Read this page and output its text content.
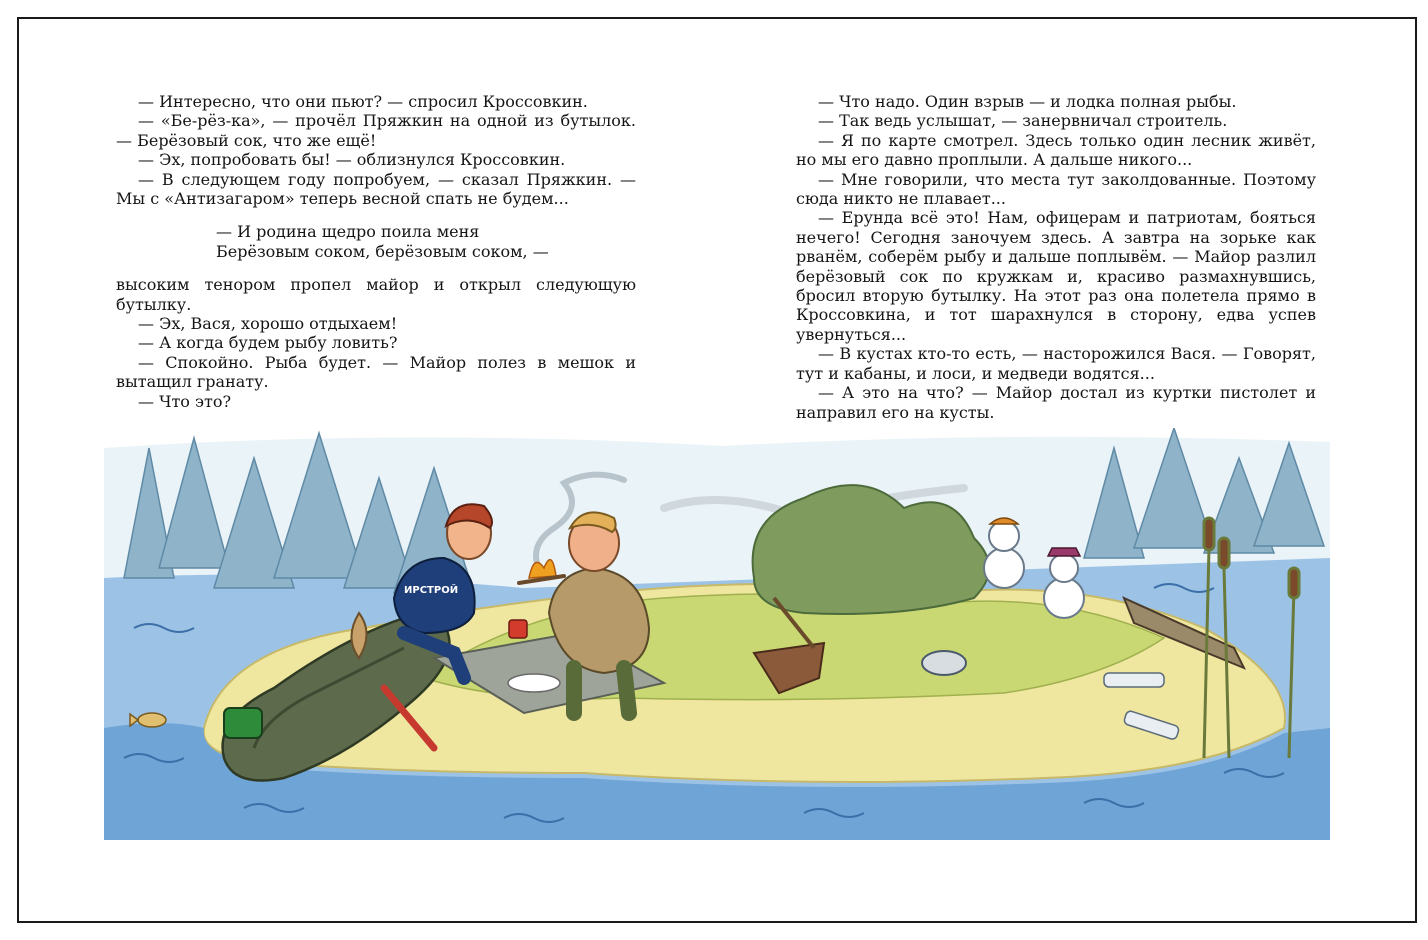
— Интересно, что они пьют? — спросил Кроссовкин.

— «Бе-рёз-ка», — прочёл Пряжкин на одной из бутылок. — Берёзовый сок, что же ещё!

— Эх, попробовать бы! — облизнулся Кроссовкин.

— В следующем году попробуем, — сказал Пряжкин. — Мы с «Антизагаром» теперь весной спать не будем...

— И родина щедро поила меня
Берёзовым соком, берёзовым соком, —

высоким тенором пропел майор и открыл следующую бутылку.

— Эх, Вася, хорошо отдыхаем!

— А когда будем рыбу ловить?

— Спокойно. Рыба будет. — Майор полез в мешок и вытащил гранату.

— Что это?

— Что надо. Один взрыв — и лодка полная рыбы.

— Так ведь услышат, — занервничал строитель.

— Я по карте смотрел. Здесь только один лесник живёт, но мы его давно проплыли. А дальше никого...

— Мне говорили, что места тут заколдованные. Поэтому сюда никто не плавает...

— Ерунда всё это! Нам, офицерам и патриотам, бояться нечего! Сегодня заночуем здесь. А завтра на зорьке как рванём, соберём рыбу и дальше поплывём. — Майор разлил берёзовый сок по кружкам и, красиво размахнувшись, бросил вторую бутылку. На этот раз она полетела прямо в Кроссовкина, и тот шарахнулся в сторону, едва успев увернуться...

— В кустах кто-то есть, — насторожился Вася. — Говорят, тут и кабаны, и лоси, и медведи водятся...

— А это на что? — Майор достал из куртки пистолет и направил его на кусты.

ИРСТРОЙ
